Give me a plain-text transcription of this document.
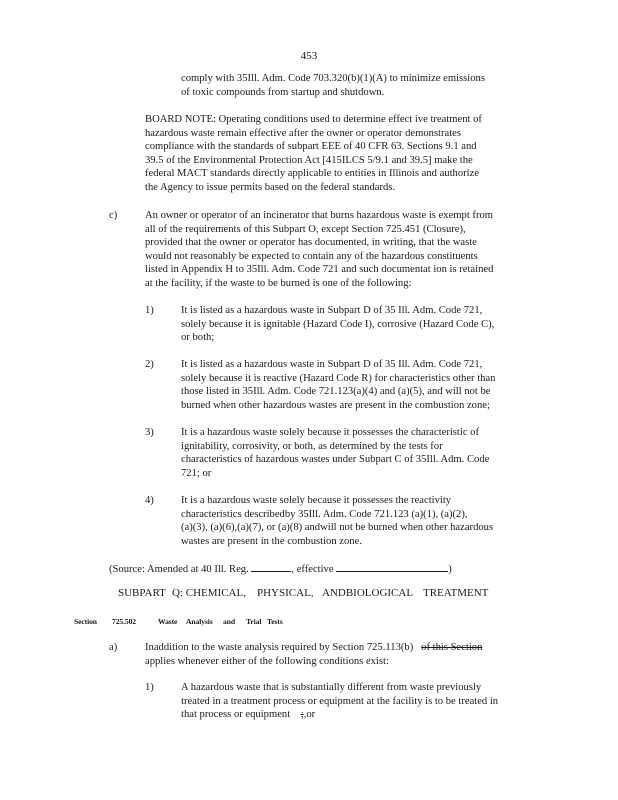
453

comply with 35Ill. Adm. Code 703.320(b)(1)(A) to minimize emissions

of toxic compounds from startup and shutdown.

BOARD NOTE: Operating conditions used to determine effect ive treatment of

hazardous waste remain effective after the owner or operator demonstrates

compliance with the standards of subpart EEE of 40 CFR 63. Sections 9.1 and

39.5 of the Environmental Protection Act [415ILCS 5/9.1 and 39.5] make the

federal MACT standards directly applicable to entities in Illinois and authorize

the Agency to issue permits based on the federal standards.

c)	An owner or operator of an incinerator that burns hazardous waste is exempt from

all of the requirements of this Subpart O, except Section 725.451 (Closure),

provided that the owner or operator has documented, in writing, that the waste

would not reasonably be expected to contain any of the hazardous constituents

listed in Appendix H to 35Ill. Adm. Code 721 and such documentat ion is retained

at the facility, if the waste to be burned is one of the following:

1)	It is listed as a hazardous waste in Subpart D of 35 Ill. Adm. Code 721,

solely because it is ignitable (Hazard Code I), corrosive (Hazard Code C),

or both;

2)	It is listed as a hazardous waste in Subpart D of 35 Ill. Adm. Code 721,

solely because it is reactive (Hazard Code R) for characteristics other than

those listed in 35Ill. Adm. Code 721.123(a)(4) and (a)(5), and will not be

burned when other hazardous wastes are present in the combustion zone;

3)	It is a hazardous waste solely because it possesses the characteristic of

ignitability, corrosivity, or both, as determined by the tests for

characteristics of hazardous wastes under Subpart C of 35Ill. Adm. Code

721; or

4)	It is a hazardous waste solely because it possesses the reactivity

characteristics describedby 35Ill. Adm. Code 721.123 (a)(1), (a)(2),

(a)(3), (a)(6),(a)(7), or (a)(8) andwill not be burned when other hazardous

wastes are present in the combustion zone.

(Source: Amended at 40 Ill. Reg.	, effective	)

SUBPART Q: CHEMICAL, PHYSICAL, ANDBIOLOGICAL TREATMENT
Section 725.502	Waste Analysis and Trial Tests
a)	Inaddition to the waste analysis required by Section 725.113(b) of this Section

applies whenever either of the following conditions exist:

1)	A hazardous waste that is substantially different from waste previously

treated in a treatment process or equipment at the facility is to be treated in

that process or equipment ;,or
